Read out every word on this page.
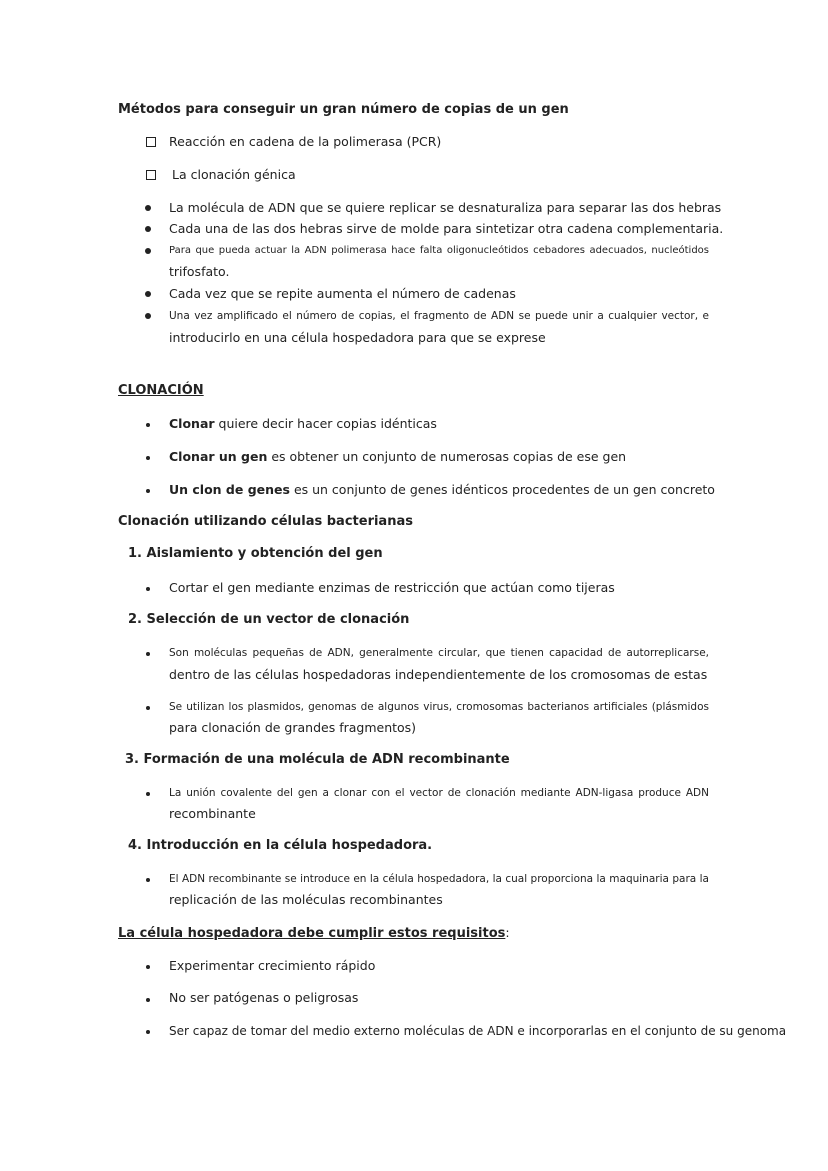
Métodos para conseguir un gran número de copias de un gen
Reacción en cadena de la polimerasa (PCR)
La clonación génica
La molécula de ADN que se quiere replicar se desnaturaliza para separar las dos hebras
Cada una de las dos hebras sirve de molde para sintetizar otra cadena complementaria.
Para que pueda actuar la ADN polimerasa hace falta oligonucleótidos cebadores adecuados, nucleótidos
trifosfato.
Cada vez que se repite aumenta el número de cadenas
Una vez amplificado el número de copias, el fragmento de ADN se puede unir a cualquier vector, e
introducirlo en una célula hospedadora para que se exprese
CLONACIÓN
Clonar quiere decir hacer copias idénticas
Clonar un gen es obtener un conjunto de numerosas copias de ese gen
Un clon de genes es un conjunto de genes idénticos procedentes de un gen concreto
Clonación utilizando células bacterianas
1. Aislamiento y obtención del gen
Cortar el gen mediante enzimas de restricción que actúan como tijeras
2. Selección de un vector de clonación
Son moléculas pequeñas de ADN, generalmente circular, que tienen capacidad de autorreplicarse,
dentro de las células hospedadoras independientemente de los cromosomas de estas
Se utilizan los plasmidos, genomas de algunos virus, cromosomas bacterianos artificiales (plásmidos
para clonación de grandes fragmentos)
3. Formación de una molécula de ADN recombinante
La unión covalente del gen a clonar con el vector de clonación mediante ADN-ligasa produce ADN
recombinante
4. Introducción en la célula hospedadora.
El ADN recombinante se introduce en la célula hospedadora, la cual proporciona la maquinaria para la
replicación de las moléculas recombinantes
La célula hospedadora debe cumplir estos requisitos:
Experimentar crecimiento rápido
No ser patógenas o peligrosas
Ser capaz de tomar del medio externo moléculas de ADN e incorporarlas en el conjunto de su genoma
